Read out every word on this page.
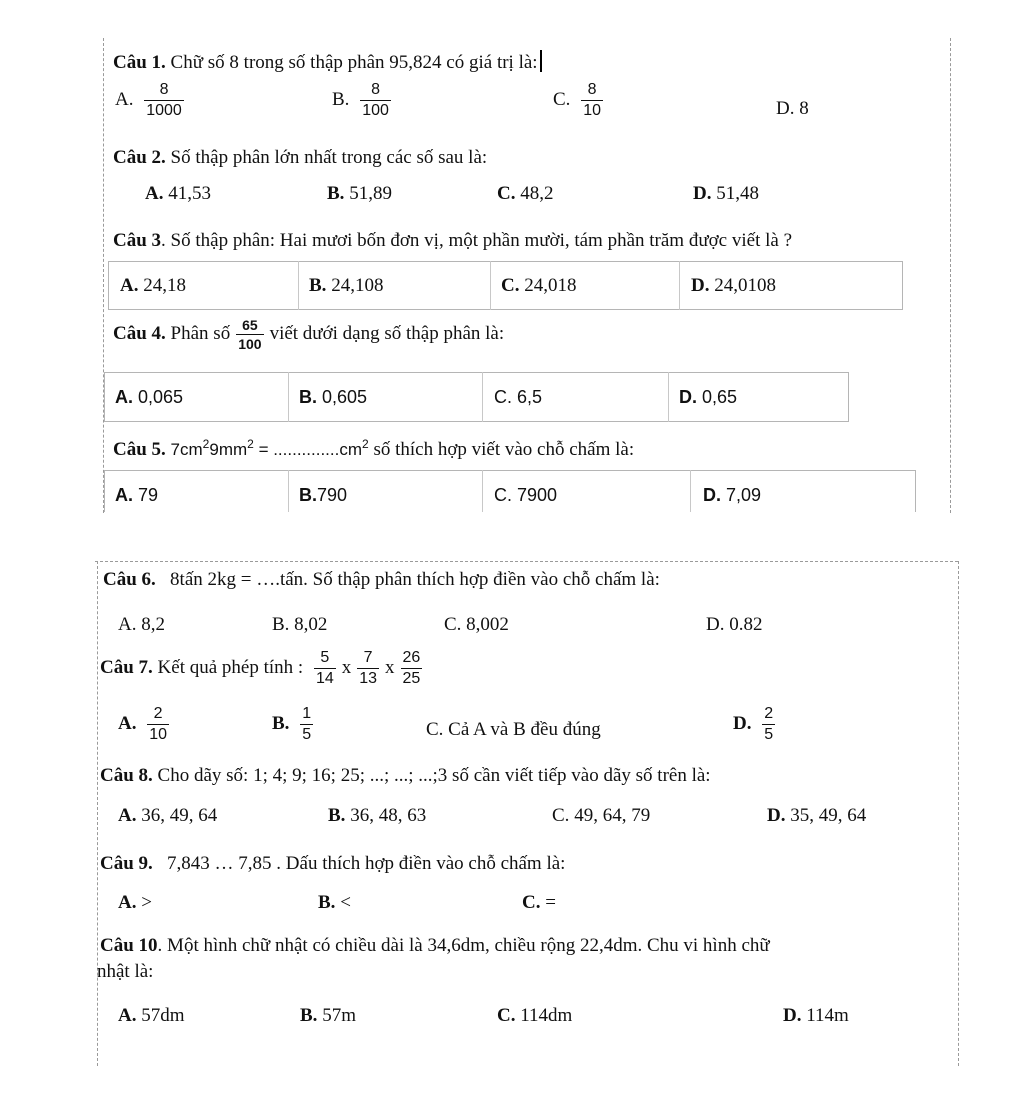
Câu 1. Chữ số 8 trong số thập phân 95,824 có giá trị là:
A. $\frac{8}{1000}$	B. $\frac{8}{100}$	C. $\frac{8}{10}$	D. 8
Câu 2. Số thập phân lớn nhất trong các số sau là:
A. 41,53	B. 51,89	C. 48,2	D. 51,48
Câu 3. Số thập phân: Hai mươi bốn đơn vị, một phần mười, tám phần trăm được viết là ?
A. 24,18	B. 24,108	C. 24,018	D. 24,0108
Câu 4. Phân số $\frac{65}{100}$ viết dưới dạng số thập phân là:
A. 0,065	B. 0,605	C. 6,5	D. 0,65
Câu 5. $7cm^29mm^2 = ..............cm^2$ số thích hợp viết vào chỗ chấm là:
A. 79	B.790	C. 7900	D. 7,09
Câu 6. 8tấn 2kg = ….tấn. Số thập phân thích hợp điền vào chỗ chấm là:
A. 8,2	B. 8,02	C. 8,002	D. 0.82
Câu 7. Kết quả phép tính : $\frac{5}{14}$ x $\frac{7}{13}$ x $\frac{26}{25}$
A. $\frac{2}{10}$	B. $\frac{1}{5}$	C. Cả A và B đều đúng	D. $\frac{2}{5}$
Câu 8. Cho dãy số: 1; 4; 9; 16; 25; ...; ...; ...;3 số cần viết tiếp vào dãy số trên là:
A. 36, 49, 64	B. 36, 48, 63	C. 49, 64, 79	D. 35, 49, 64
Câu 9. 7,843 … 7,85 . Dấu thích hợp điền vào chỗ chấm là:
A. >	B. <	C. =
Câu 10. Một hình chữ nhật có chiều dài là 34,6dm, chiều rộng 22,4dm. Chu vi hình chữ
nhật là:
A. 57dm	B. 57m	C. 114dm	D. 114m
